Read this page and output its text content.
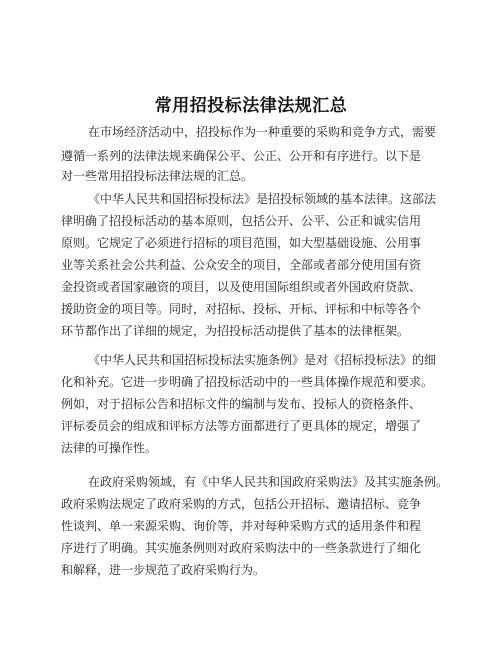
常用招投标法律法规汇总
在市场经济活动中，招投标作为一种重要的采购和竞争方式，需要
遵循一系列的法律法规来确保公平、公正、公开和有序进行。以下是
对一些常用招投标法律法规的汇总。
《中华人民共和国招标投标法》是招投标领域的基本法律。这部法
律明确了招投标活动的基本原则，包括公开、公平、公正和诚实信用
原则。它规定了必须进行招标的项目范围，如大型基础设施、公用事
业等关系社会公共利益、公众安全的项目，全部或者部分使用国有资
金投资或者国家融资的项目，以及使用国际组织或者外国政府贷款、
援助资金的项目等。同时，对招标、投标、开标、评标和中标等各个
环节都作出了详细的规定，为招投标活动提供了基本的法律框架。
《中华人民共和国招标投标法实施条例》是对《招标投标法》的细
化和补充。它进一步明确了招投标活动中的一些具体操作规范和要求。
例如，对于招标公告和招标文件的编制与发布、投标人的资格条件、
评标委员会的组成和评标方法等方面都进行了更具体的规定，增强了
法律的可操作性。
在政府采购领域，有《中华人民共和国政府采购法》及其实施条例。
政府采购法规定了政府采购的方式，包括公开招标、邀请招标、竞争
性谈判、单一来源采购、询价等，并对每种采购方式的适用条件和程
序进行了明确。其实施条例则对政府采购法中的一些条款进行了细化
和解释，进一步规范了政府采购行为。
